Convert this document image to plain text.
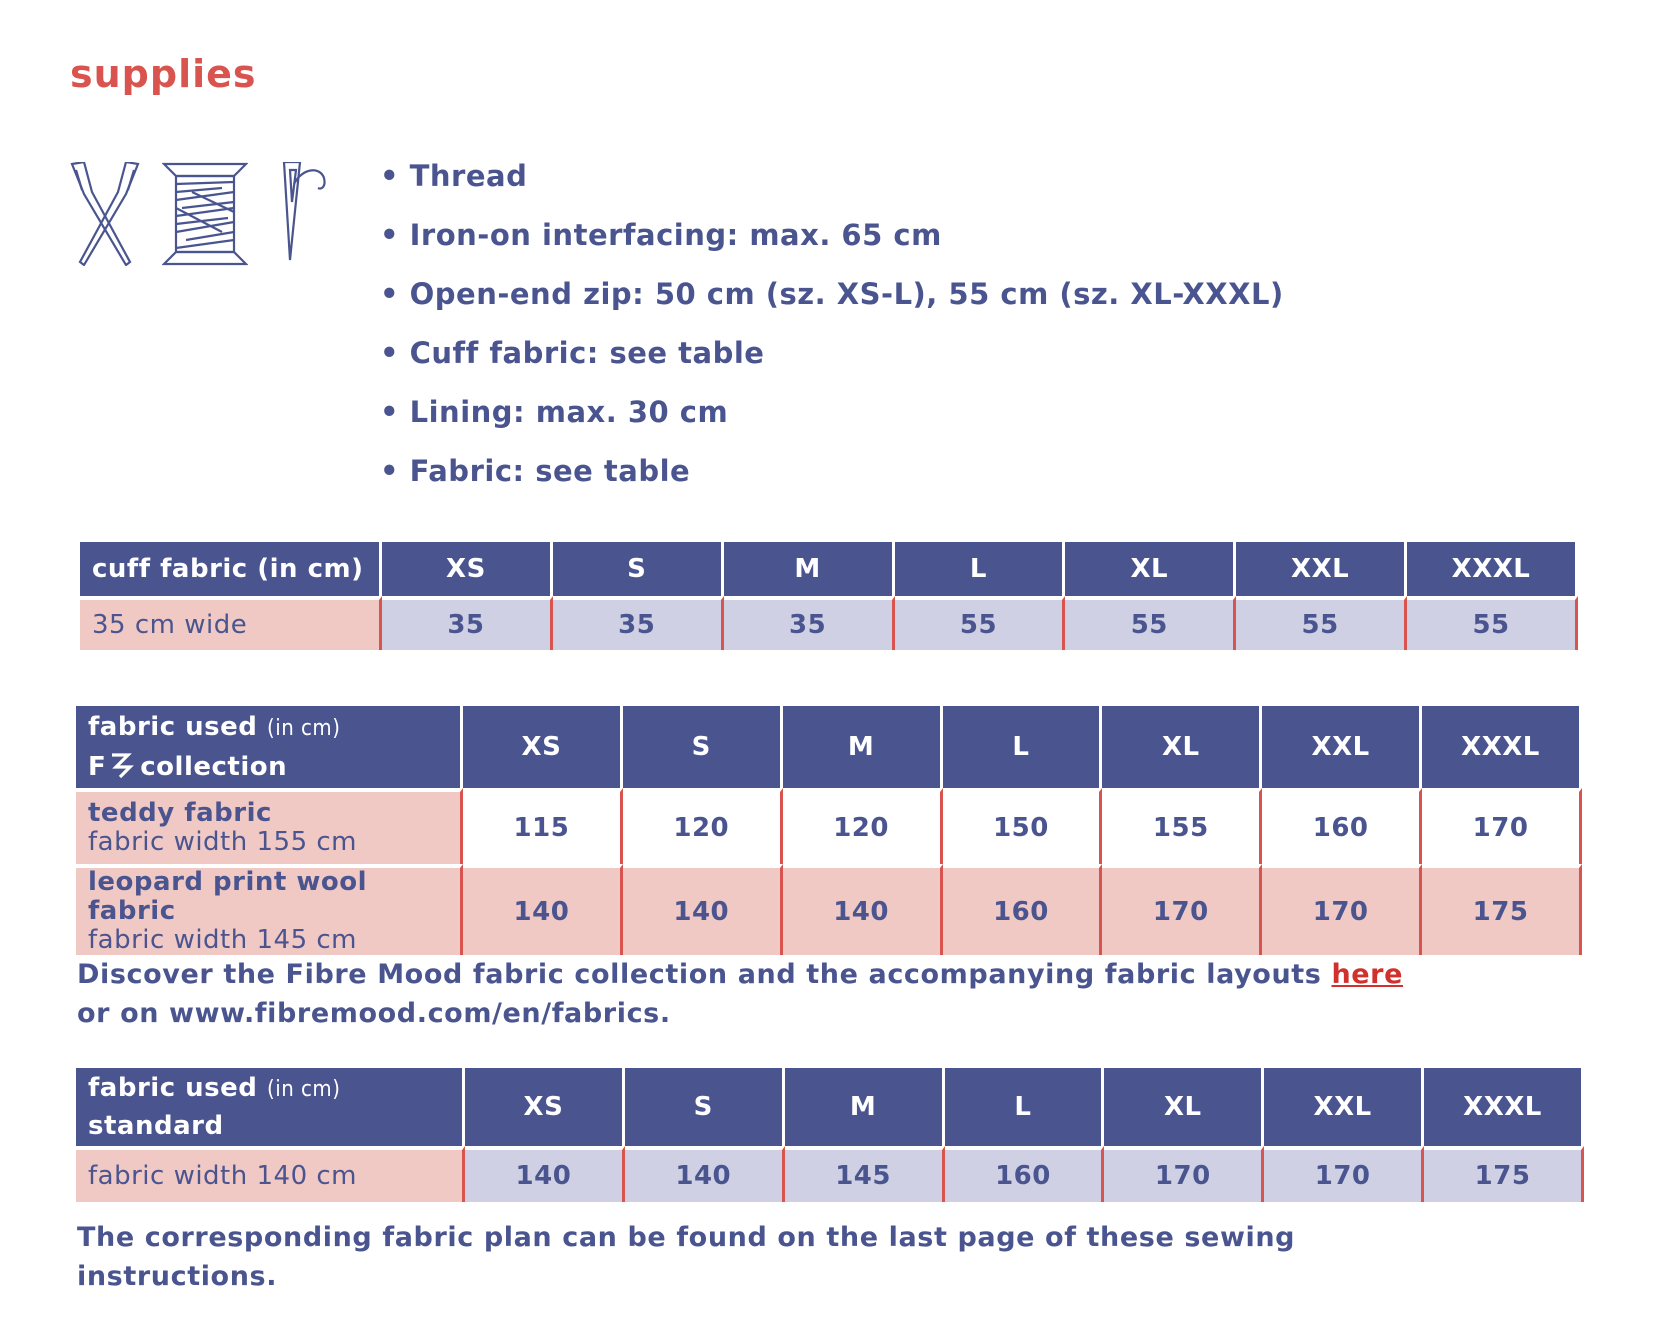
supplies
• Thread
• Iron-on interfacing: max. 65 cm
• Open-end zip: 50 cm (sz. XS-L), 55 cm (sz. XL-XXXL)
• Cuff fabric: see table
• Lining: max. 30 cm
• Fabric: see table
cuff fabric (in cm)	XS	S	M	L	XL	XXL	XXXL
35 cm wide	35	35	35	55	55	55	55
fabric used (in cm)
F collection	XS	S	M	L	XL	XXL	XXXL

teddy fabric
fabric width 155 cm	115	120	120	150	155	160	170

leopard print wool fabric
fabric width 145 cm	140	140	140	160	170	170	175
Discover the Fibre Mood fabric collection and the accompanying fabric layouts here
or on www.fibremood.com/en/fabrics.
fabric used (in cm)
standard	XS	S	M	L	XL	XXL	XXXL
fabric width 140 cm	140	140	145	160	170	170	175
The corresponding fabric plan can be found on the last page of these sewing
instructions.
